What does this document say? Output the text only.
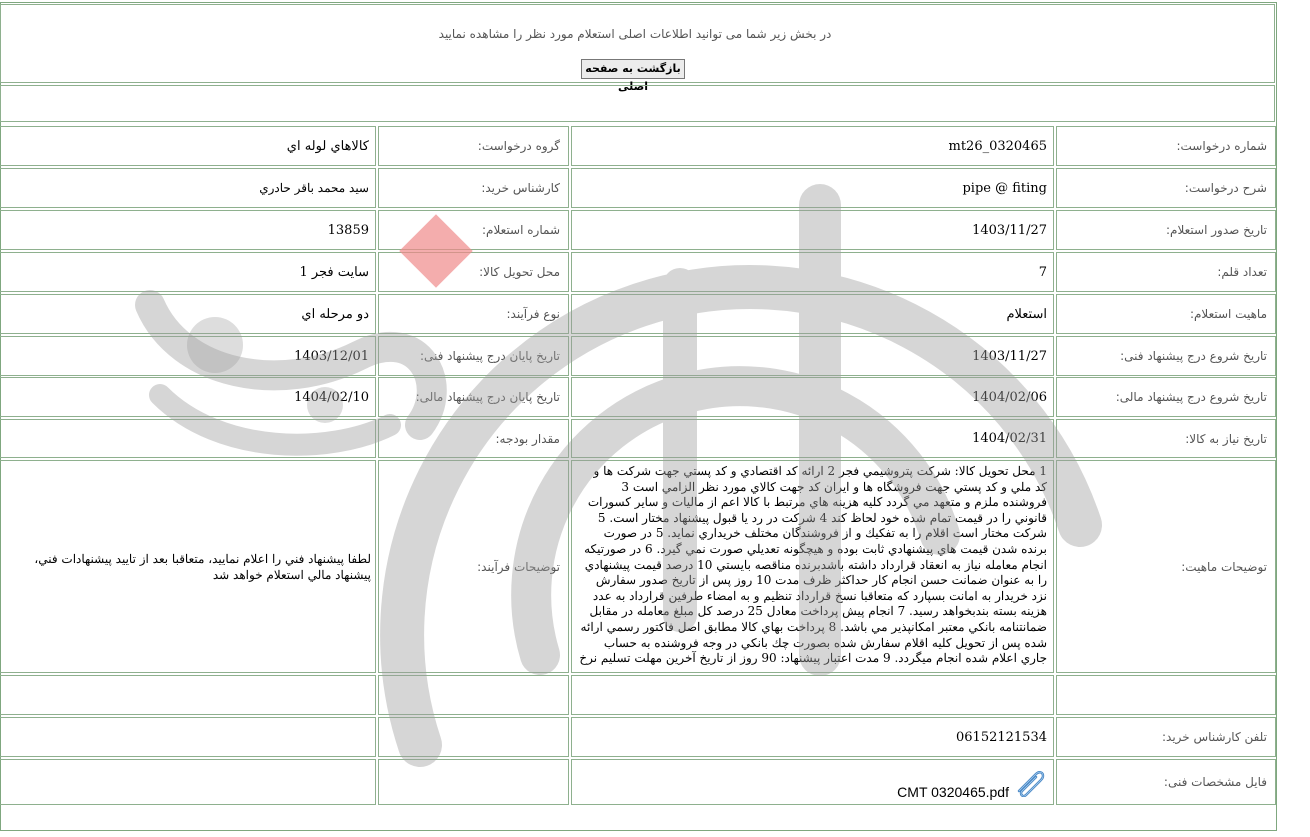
در بخش زیر شما می توانید اطلاعات اصلی استعلام مورد نظر را مشاهده نمایید
بازگشت به صفحه اصلی
شماره درخواست:
mt26_0320465
گروه درخواست:
كالاهاي لوله اي
شرح درخواست:
pipe @ fiting
کارشناس خرید:
سيد محمد باقر حادري
تاریخ صدور استعلام:
1403/11/27
شماره استعلام:
13859
تعداد قلم:
7
محل تحویل کالا:
سايت فجر 1
ماهیت استعلام:
استعلام
نوع فرآیند:
دو مرحله اي
تاریخ شروع درج پیشنهاد فنی:
1403/11/27
تاریخ پایان درج پیشنهاد فنی:
1403/12/01
تاریخ شروع درج پیشنهاد مالی:
1404/02/06
تاریخ پایان درج پیشنهاد مالی:
1404/02/10
تاریخ نیاز به کالا:
1404/02/31
مقدار بودجه:
توضیحات ماهیت:
1 محل تحويل كالا: شركت پتروشيمي فجر 2 ارائه كد اقتصادي و كد پستي جهت شركت ها و كد ملي و كد پستي جهت فروشگاه ها و ايران كد جهت كالاي مورد نظر الزامي است 3 فروشنده ملزم و متعهد مي گردد كليه هزينه هاي مرتبط با كالا اعم از ماليات و ساير كسورات قانوني را در قيمت تمام شده خود لحاظ كند 4 شركت در رد يا قبول پيشنهاد مختار است. 5 شركت مختار است اقلام را به تفكيك و از فروشندگان مختلف خريداري نمايد. 5 در صورت برنده شدن قيمت هاي پيشنهادي ثابت بوده و هيچگونه تعديلي صورت نمي گيرد. 6 در صورتيكه انجام معامله نياز به انعقاد قرارداد داشته باشدبرنده مناقصه بايستي 10 درصد قيمت پيشنهادي را به عنوان ضمانت حسن انجام كار حداكثر ظرف مدت 10 روز پس از تاريخ صدور سفارش نزد خريدار به امانت بسپارد كه متعاقبا نسخ قرارداد تنظيم و به امضاء طرفين قرارداد به عدد هزينه بسته بندبخواهد رسيد. 7 انجام پيش پرداخت معادل 25 درصد كل مبلغ معامله در مقابل ضمانتنامه بانكي معتبر امكانپذير مي باشد. 8 پرداخت بهاي كالا مطابق اصل فاكتور رسمي ارائه شده پس از تحويل كليه اقلام سفارش شده بصورت چك بانكي در وجه فروشنده به حساب جاري اعلام شده انجام ميگردد. 9 مدت اعتبار پيشنهاد: 90 روز از تاريخ آخرين مهلت تسليم نرخ
توضیحات فرآیند:
لطفا پيشنهاد فني را اعلام نماييد، متعاقبا بعد از تاييد پيشنهادات فني، پيشنهاد مالي استعلام خواهد شد
تلفن کارشناس خرید:
06152121534
فایل مشخصات فنی:
CMT 0320465.pdf
